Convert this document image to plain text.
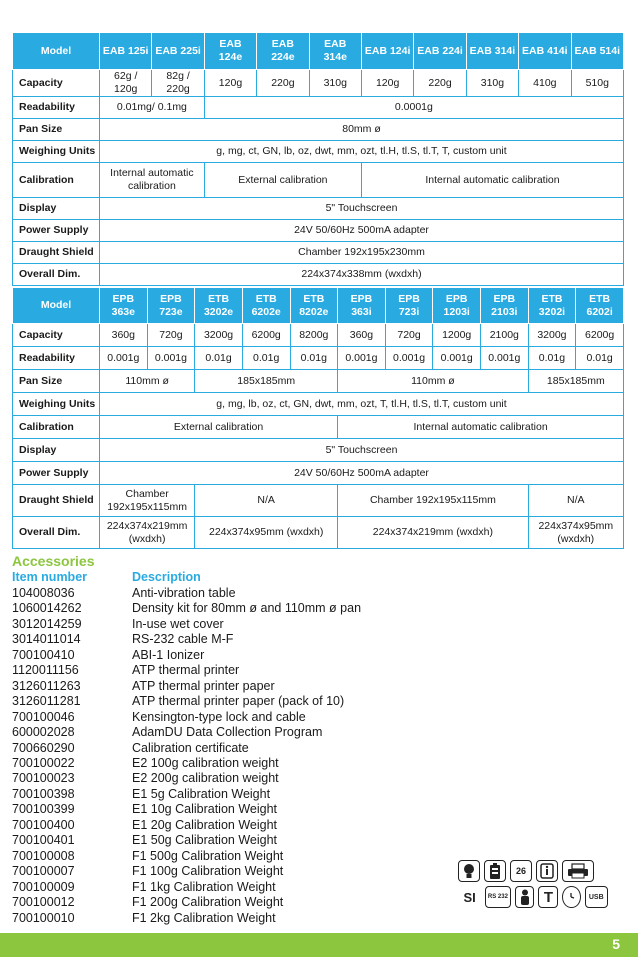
Model	EAB 125i	EAB 225i	EAB 124e	EAB 224e	EAB 314e	EAB 124i	EAB 224i	EAB 314i	EAB 414i	EAB 514i
Capacity	62g / 120g	82g / 220g	120g	220g	310g	120g	220g	310g	410g	510g
Readability	0.01mg/ 0.1mg		0.0001g							
Pan Size	80mm ø									
Weighing Units	g, mg, ct, GN, lb, oz, dwt, mm, ozt, tl.H, tl.S, tl.T, T, custom unit									
Calibration	Internal automatic calibration		External calibration			Internal automatic calibration				
Display	5" Touchscreen									
Power Supply	24V 50/60Hz 500mA adapter									
Draught Shield	Chamber 192x195x230mm									
Overall Dim.	224x374x338mm (wxdxh)									
Model	EPB 363e	EPB 723e	ETB 3202e	ETB 6202e	ETB 8202e	EPB 363i	EPB 723i	EPB 1203i	EPB 2103i	ETB 3202i	ETB 6202i
Capacity	360g	720g	3200g	6200g	8200g	360g	720g	1200g	2100g	3200g	6200g
Readability	0.001g	0.001g	0.01g	0.01g	0.01g	0.001g	0.001g	0.001g	0.001g	0.01g	0.01g
Pan Size	110mm ø		185x185mm			110mm ø				185x185mm	
Weighing Units	g, mg, lb, oz, ct, GN, dwt, mm, ozt, T, tl.H, tl.S, tl.T, custom unit										
Calibration	External calibration					Internal automatic calibration					
Display	5" Touchscreen										
Power Supply	24V 50/60Hz 500mA adapter										
Draught Shield	Chamber 192x195x115mm		N/A			Chamber 192x195x115mm				N/A	
Overall Dim.	224x374x219mm (wxdxh)		224x374x95mm (wxdxh)			224x374x219mm (wxdxh)				224x374x95mm (wxdxh)	
Accessories
Item number	Description
104008036	Anti-vibration table
1060014262	Density kit for 80mm ø and 110mm ø pan
3012014259	In-use wet cover
3014011014	RS-232 cable M-F
700100410	ABI-1 Ionizer
1120011156	ATP thermal printer
3126011263	ATP thermal printer paper
3126011281	ATP thermal printer paper (pack of 10)
700100046	Kensington-type lock and cable
600002028	AdamDU Data Collection Program
700660290	Calibration certificate
700100022	E2 100g calibration weight
700100023	E2 200g calibration weight
700100398	E1 5g Calibration Weight
700100399	E1 10g Calibration Weight
700100400	E1 20g Calibration Weight
700100401	E1 50g Calibration Weight
700100008	F1 500g Calibration Weight
700100007	F1 100g Calibration Weight
700100009	F1 1kg Calibration Weight
700100012	F1 200g Calibration Weight
700100010	F1 2kg Calibration Weight
26
SI	RS 232	T	USB
5
